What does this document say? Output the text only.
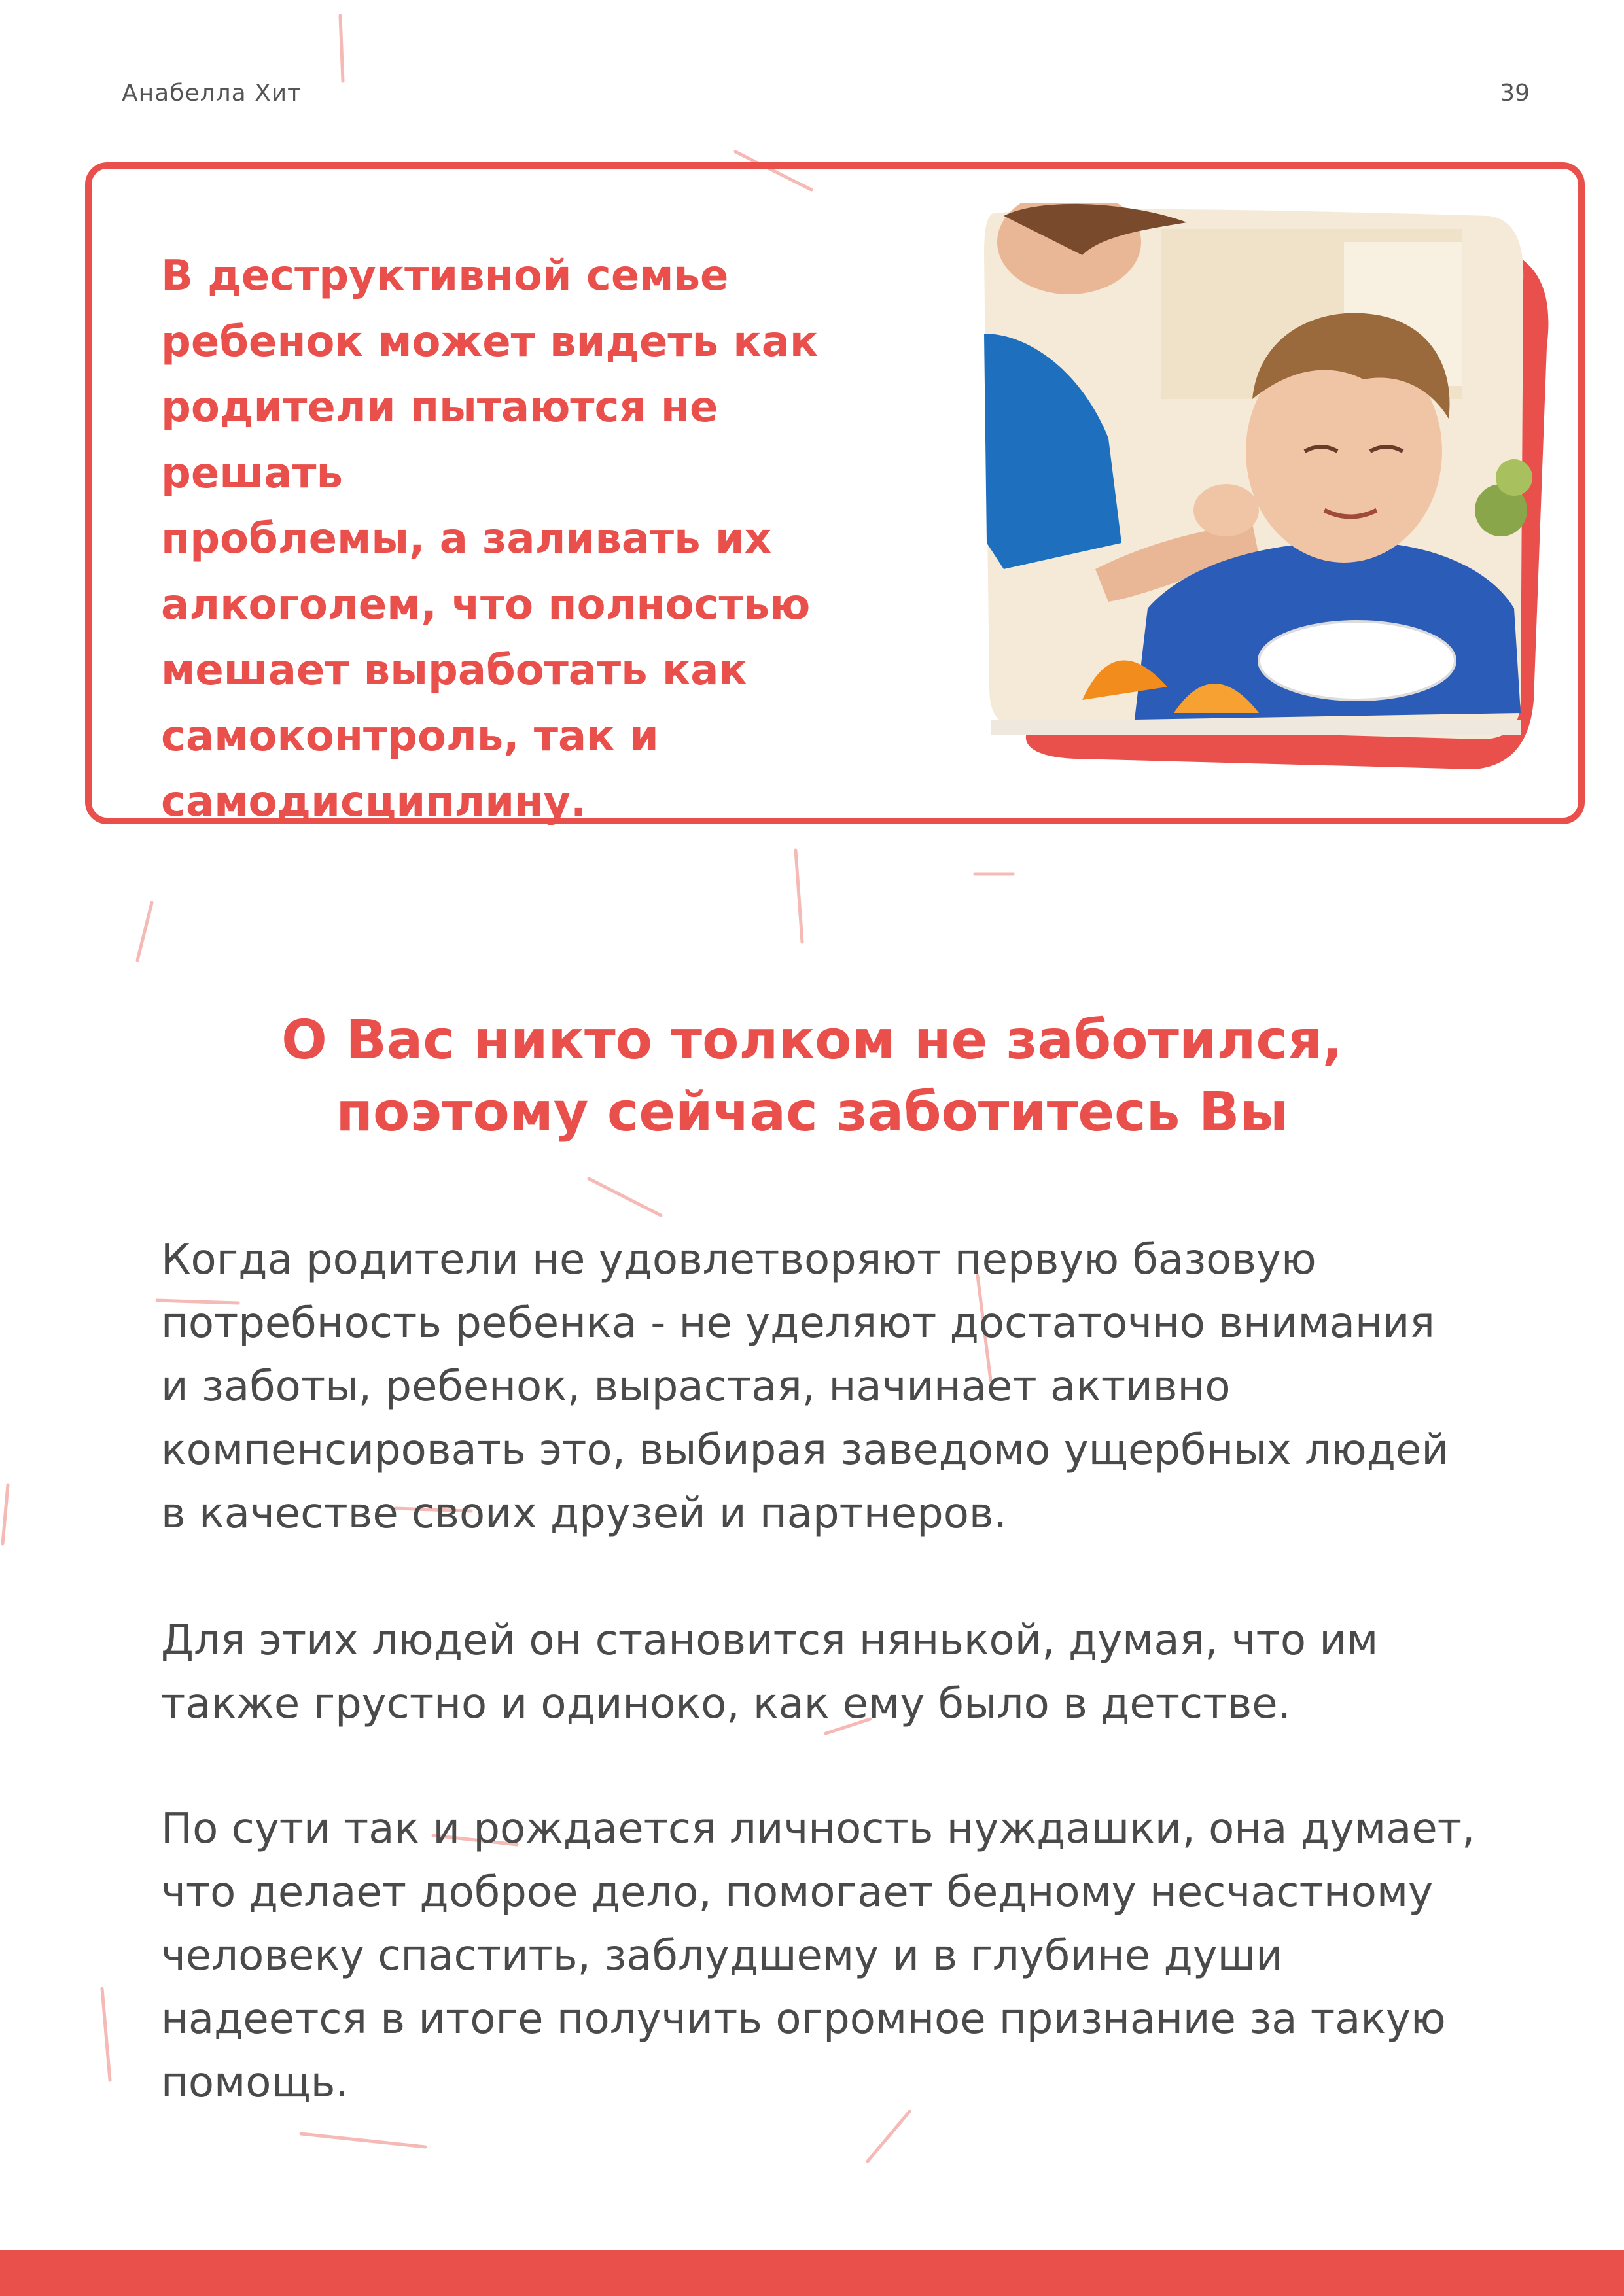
Анабелла Хит	39

В деструктивной семье
ребенок может видеть как
родители пытаются не решать
проблемы, а заливать их
алкоголем, что полностью
мешает выработать как
самоконтроль, так и
самодисциплину.

О Вас никто толком не заботился,
поэтому сейчас заботитесь Вы

Когда родители не удовлетворяют первую базовую
потребность ребенка - не уделяют достаточно внимания
и заботы, ребенок, вырастая, начинает активно
компенсировать это, выбирая заведомо ущербных людей
в качестве своих друзей и партнеров.

Для этих людей он становится нянькой, думая, что им
также грустно и одиноко, как ему было в детстве.

По сути так и рождается личность нуждашки, она думает,
что делает доброе дело, помогает бедному несчастному
человеку спастить, заблудшему и в глубине души
надеется в итоге получить огромное признание за такую
помощь.
